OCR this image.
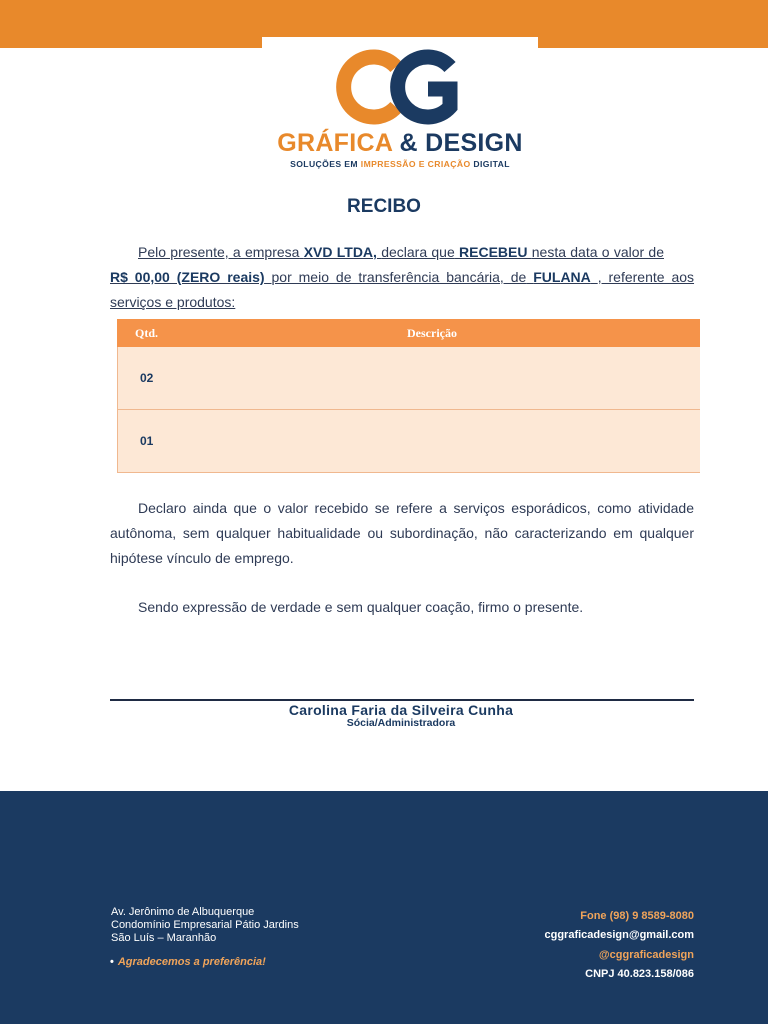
GRÁFICA & DESIGN
SOLUÇÕES EM IMPRESSÃO E CRIAÇÃO DIGITAL
RECIBO
Pelo presente, a empresa XVD LTDA, declara que RECEBEU nesta data o valor deR$ 00,00 (ZERO reais) por meio de transferência bancária, de FULANA , referente aos serviços e produtos:
Qtd.	Descrição
02
01
Declaro ainda que o valor recebido se refere a serviços esporádicos, como atividade autônoma, sem qualquer habitualidade ou subordinação, não caracterizando em qualquer hipótese vínculo de emprego.
Sendo expressão de verdade e sem qualquer coação, firmo o presente.
Carolina Faria da Silveira Cunha
Sócia/Administradora
Av. Jerônimo de Albuquerque
Condomínio Empresarial Pátio Jardins
São Luís – Maranhão
• Agradecemos a preferência!
Fone (98) 9 8589-8080
cggraficadesign@gmail.com
@cggraficadesign
CNPJ 40.823.158/086
